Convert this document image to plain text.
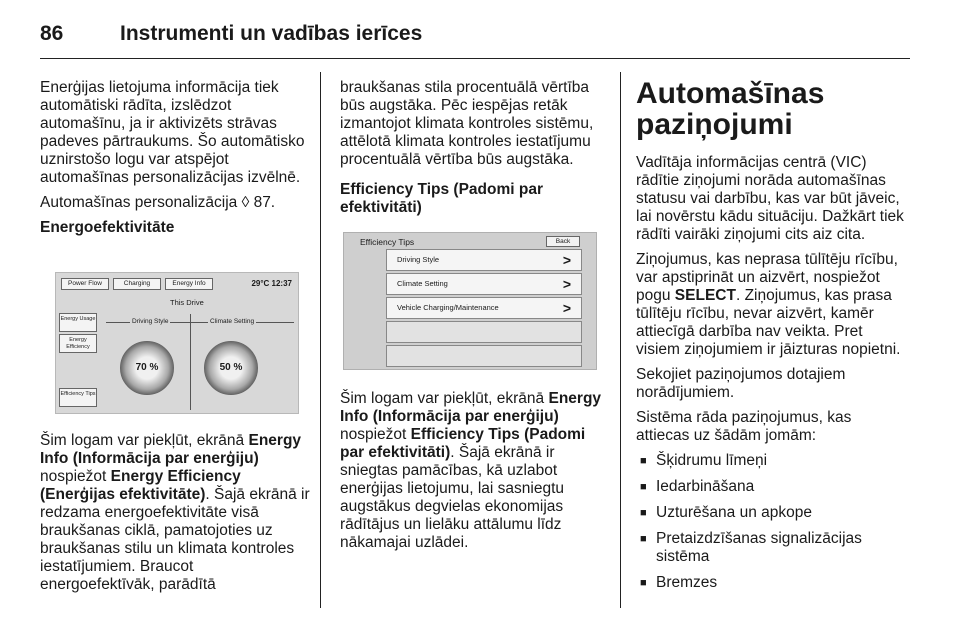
86	Instrumenti un vadības ierīces

Enerģijas lietojuma informācija tiek automātiski rādīta, izslēdzot automašīnu, ja ir aktivizēts strāvas padeves pārtraukums. Šo automātisko uznirstošo logu var atspējot automašīnas personalizācijas izvēlnē.

Automašīnas personalizācija ◊ 87.

Energoefektivitāte

Power Flow	Charging	Energy Info	29°C 12:37
This Drive
Driving Style	Climate Setting
Energy Usage
Energy Efficiency
Efficiency Tips
70 %	50 %

Šim logam var piekļūt, ekrānā Energy Info (Informācija par enerģiju) nospiežot Energy Efficiency (Enerģijas efektivitāte). Šajā ekrānā ir redzama energoefektivitāte visā braukšanas ciklā, pamatojoties uz braukšanas stilu un klimata kontroles iestatījumiem. Braucot energoefektīvāk, parādītā

braukšanas stila procentuālā vērtība būs augstāka. Pēc iespējas retāk izmantojot klimata kontroles sistēmu, attēlotā klimata kontroles iestatījumu procentuālā vērtība būs augstāka.

Efficiency Tips (Padomi par efektivitāti)

Efficiency Tips	Back
Driving Style	>
Climate Setting	>
Vehicle Charging/Maintenance	>

Šim logam var piekļūt, ekrānā Energy Info (Informācija par enerģiju) nospiežot Efficiency Tips (Padomi par efektivitāti). Šajā ekrānā ir sniegtas pamācības, kā uzlabot enerģijas lietojumu, lai sasniegtu augstākus degvielas ekonomijas rādītājus un lielāku attālumu līdz nākamajai uzlādei.

Automašīnas paziņojumi

Vadītāja informācijas centrā (VIC) rādītie ziņojumi norāda automašīnas statusu vai darbību, kas var būt jāveic, lai novērstu kādu situāciju. Dažkārt tiek rādīti vairāki ziņojumi cits aiz cita.

Ziņojumus, kas neprasa tūlītēju rīcību, var apstiprināt un aizvērt, nospiežot pogu SELECT. Ziņojumus, kas prasa tūlītēju rīcību, nevar aizvērt, kamēr attiecīgā darbība nav veikta. Pret visiem ziņojumiem ir jāizturas nopietni.

Sekojiet paziņojumos dotajiem norādījumiem.

Sistēma rāda paziņojumus, kas attiecas uz šādām jomām:

■ Šķidrumu līmeņi
■ Iedarbināšana
■ Uzturēšana un apkope
■ Pretaizdzīšanas signalizācijas sistēma
■ Bremzes
